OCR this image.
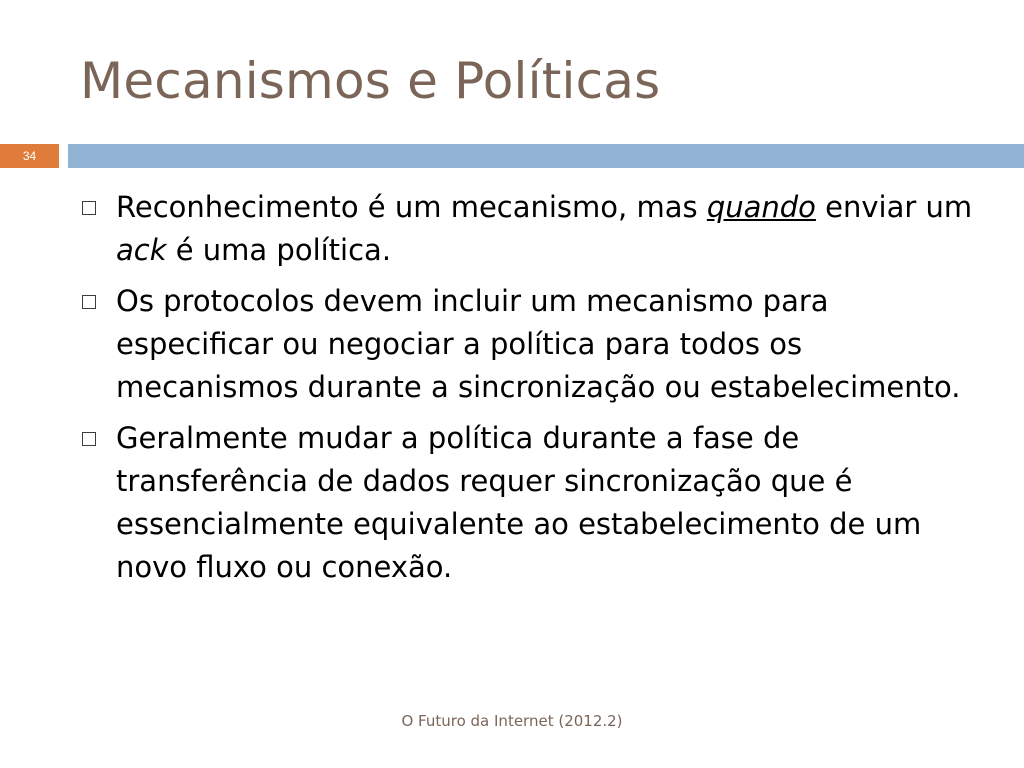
Mecanismos e Políticas
34
Reconhecimento é um mecanismo, mas quando enviar um ack é uma política.
Os protocolos devem incluir um mecanismo para especificar ou negociar a política para todos os mecanismos durante a sincronização ou estabelecimento.
Geralmente mudar a política durante a fase de transferência de dados requer sincronização que é essencialmente equivalente ao estabelecimento de um novo fluxo ou conexão.
O Futuro da Internet (2012.2)
